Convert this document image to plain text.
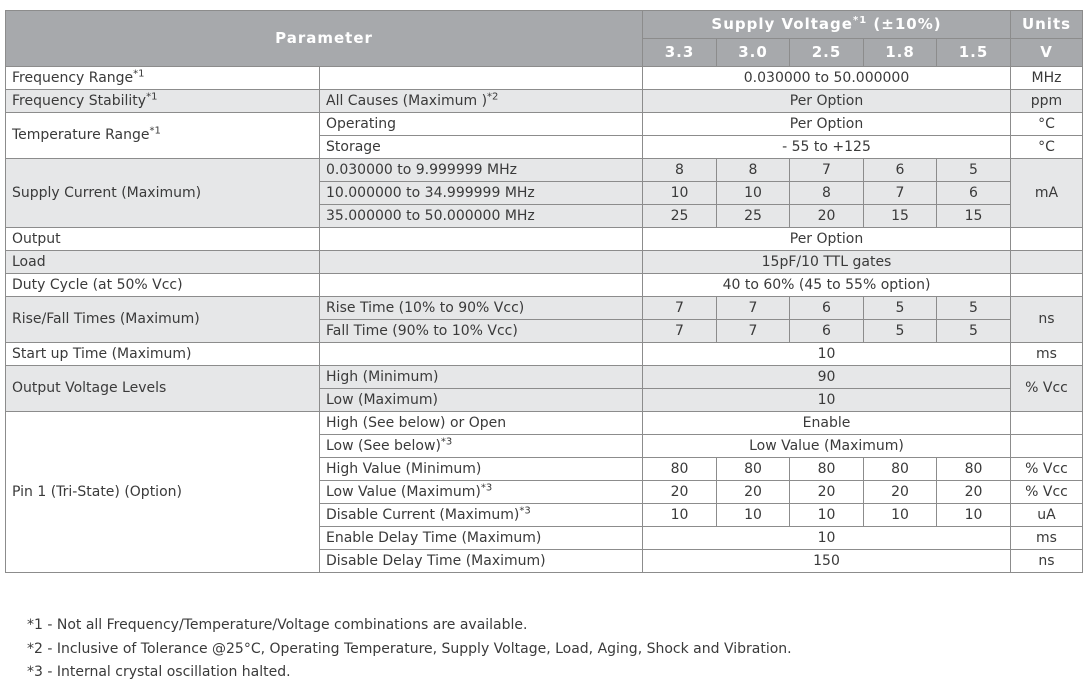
Parameter		Supply Voltage$^{*1}$ (±10%)					Units
		3.3	3.0	2.5	1.8	1.5	V
Frequency Range$^{*1}$		0.030000 to 50.000000					MHz
Frequency Stability$^{*1}$	All Causes (Maximum )$^{*2}$	Per Option					ppm
Temperature Range$^{*1}$	Operating	Per Option					°C
	Storage	- 55 to +125					°C
Supply Current (Maximum)	0.030000 to 9.999999 MHz	8	8	7	6	5	mA
	10.000000 to 34.999999 MHz	10	10	8	7	6	
	35.000000 to 50.000000 MHz	25	25	20	15	15	
Output		Per Option					
Load		15pF/10 TTL gates					
Duty Cycle (at 50% Vcc)		40 to 60% (45 to 55% option)					
Rise/Fall Times (Maximum)	Rise Time (10% to 90% Vcc)	7	7	6	5	5	ns
	Fall Time (90% to 10% Vcc)	7	7	6	5	5	
Start up Time (Maximum)		10					ms
Output Voltage Levels	High (Minimum)	90					% Vcc
	Low (Maximum)	10					
Pin 1 (Tri-State) (Option)	High (See below) or Open	Enable					
	Low (See below)$^{*3}$	Low Value (Maximum)					
	High Value (Minimum)	80	80	80	80	80	% Vcc
	Low Value (Maximum)$^{*3}$	20	20	20	20	20	% Vcc
	Disable Current (Maximum)$^{*3}$	10	10	10	10	10	uA
	Enable Delay Time (Maximum)	10					ms
	Disable Delay Time (Maximum)	150					ns
*1 - Not all Frequency/Temperature/Voltage combinations are available.
*2 - Inclusive of Tolerance @25°C, Operating Temperature, Supply Voltage, Load, Aging, Shock and Vibration.
*3 - Internal crystal oscillation halted.
